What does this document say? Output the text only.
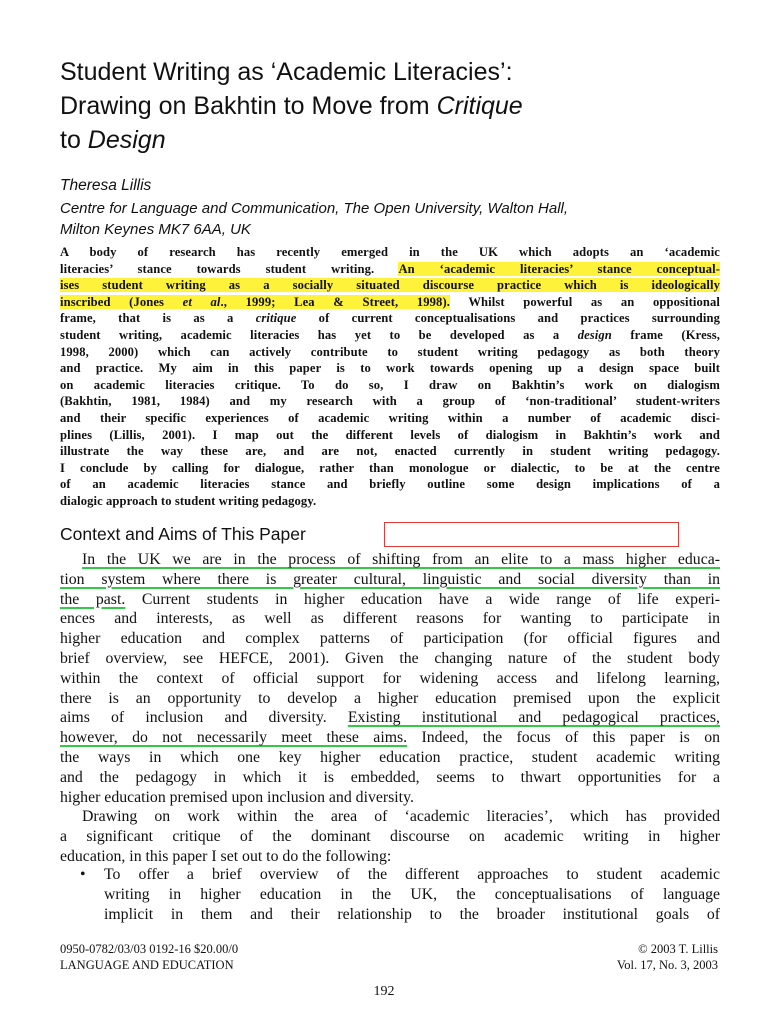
Student Writing as ‘Academic Literacies’:
Drawing on Bakhtin to Move from Critique
to Design
Theresa Lillis
Centre for Language and Communication, The Open University, Walton Hall,
Milton Keynes MK7 6AA, UK
A body of research has recently emerged in the UK which adopts an ‘academic
literacies’ stance towards student writing. An ‘academic literacies’ stance conceptual-
ises student writing as a socially situated discourse practice which is ideologically
inscribed (Jones et al., 1999; Lea & Street, 1998). Whilst powerful as an oppositional
frame, that is as a critique of current conceptualisations and practices surrounding
student writing, academic literacies has yet to be developed as a design frame (Kress,
1998, 2000) which can actively contribute to student writing pedagogy as both theory
and practice. My aim in this paper is to work towards opening up a design space built
on academic literacies critique. To do so, I draw on Bakhtin’s work on dialogism
(Bakhtin, 1981, 1984) and my research with a group of ‘non-traditional’ student-writers
and their specific experiences of academic writing within a number of academic disci-
plines (Lillis, 2001). I map out the different levels of dialogism in Bakhtin’s work and
illustrate the way these are, and are not, enacted currently in student writing pedagogy.
I conclude by calling for dialogue, rather than monologue or dialectic, to be at the centre
of an academic literacies stance and briefly outline some design implications of a
dialogic approach to student writing pedagogy.
Context and Aims of This Paper
In the UK we are in the process of shifting from an elite to a mass higher educa-
tion system where there is greater cultural, linguistic and social diversity than in
the past. Current students in higher education have a wide range of life experi-
ences and interests, as well as different reasons for wanting to participate in
higher education and complex patterns of participation (for official figures and
brief overview, see HEFCE, 2001). Given the changing nature of the student body
within the context of official support for widening access and lifelong learning,
there is an opportunity to develop a higher education premised upon the explicit
aims of inclusion and diversity. Existing institutional and pedagogical practices,
however, do not necessarily meet these aims. Indeed, the focus of this paper is on
the ways in which one key higher education practice, student academic writing
and the pedagogy in which it is embedded, seems to thwart opportunities for a
higher education premised upon inclusion and diversity.
Drawing on work within the area of ‘academic literacies’, which has provided
a significant critique of the dominant discourse on academic writing in higher
education, in this paper I set out to do the following:
• To offer a brief overview of the different approaches to student academic
writing in higher education in the UK, the conceptualisations of language
implicit in them and their relationship to the broader institutional goals of
0950-0782/03/03 0192-16 $20.00/0
LANGUAGE AND EDUCATION
© 2003 T. Lillis
Vol. 17, No. 3, 2003
192
